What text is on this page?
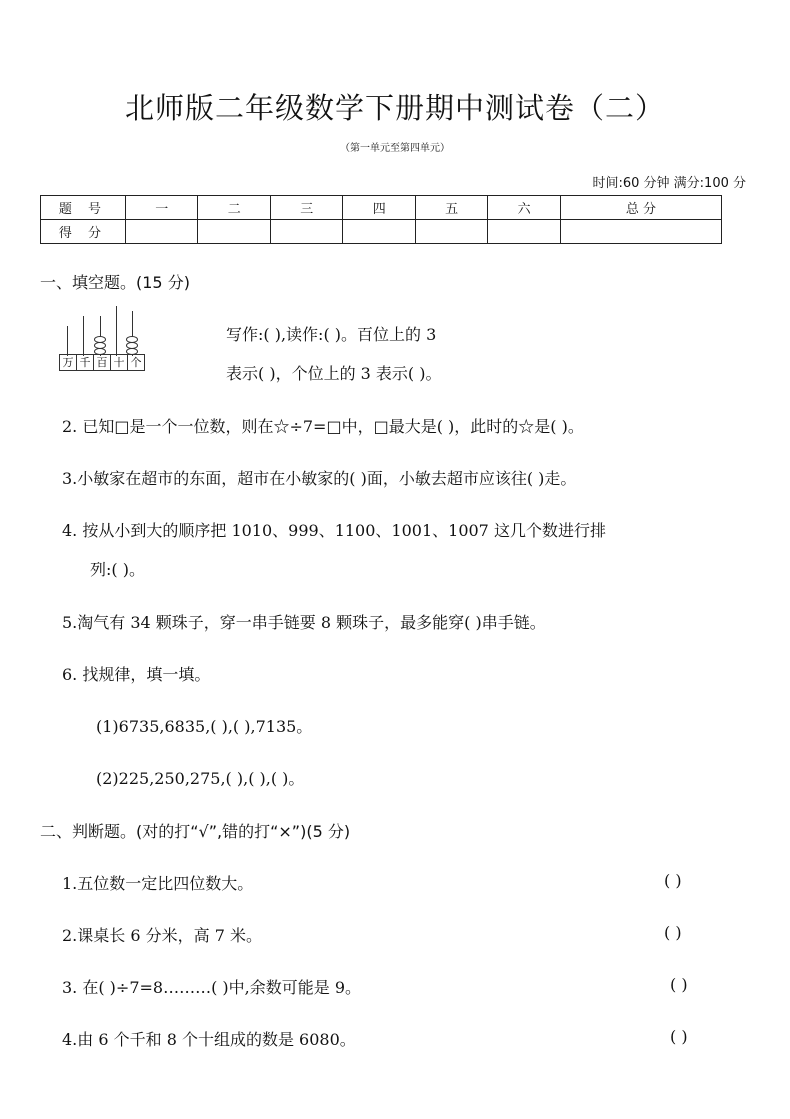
北师版二年级数学下册期中测试卷（二）
（第一单元至第四单元）
时间:60 分钟 满分:100 分
题 号	一	二	三	四	五	六	总 分
得 分							
一、填空题。(15 分)
万 千 百 十 个
写作:( ),读作:( )。百位上的 3
表示( )，个位上的 3 表示( )。
2. 已知□是一个一位数，则在☆÷7=□中，□最大是( )，此时的☆是( )。
3.小敏家在超市的东面，超市在小敏家的( )面，小敏去超市应该往( )走。
4. 按从小到大的顺序把 1010、999、1100、1001、1007 这几个数进行排
列:( )。
5.淘气有 34 颗珠子，穿一串手链要 8 颗珠子，最多能穿( )串手链。
6. 找规律，填一填。
(1)6735,6835,( ),( ),7135。
(2)225,250,275,( ),( ),( )。
二、判断题。(对的打“√”,错的打“×”)(5 分)
1.五位数一定比四位数大。	( )
2.课桌长 6 分米，高 7 米。	( )
3. 在( )÷7=8………( )中,余数可能是 9。	( )
4.由 6 个千和 8 个十组成的数是 6080。	( )
